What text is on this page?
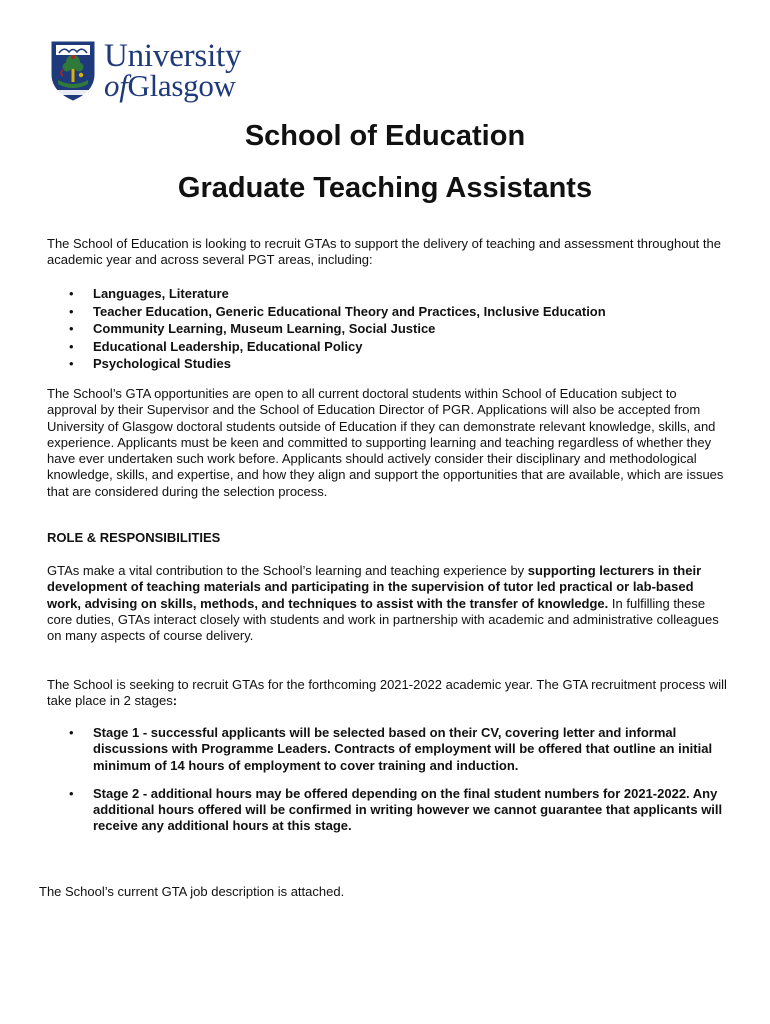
University
ofGlasgow
School of Education
Graduate Teaching Assistants

The School of Education is looking to recruit GTAs to support the delivery of teaching and assessment throughout the academic year and across several PGT areas, including:

• Languages, Literature
• Teacher Education, Generic Educational Theory and Practices, Inclusive Education
• Community Learning, Museum Learning, Social Justice
• Educational Leadership, Educational Policy
• Psychological Studies

The School’s GTA opportunities are open to all current doctoral students within School of Education subject to approval by their Supervisor and the School of Education Director of PGR. Applications will also be accepted from University of Glasgow doctoral students outside of Education if they can demonstrate relevant knowledge, skills, and experience. Applicants must be keen and committed to supporting learning and teaching regardless of whether they have ever undertaken such work before. Applicants should actively consider their disciplinary and methodological knowledge, skills, and expertise, and how they align and support the opportunities that are available, which are issues that are considered during the selection process.

ROLE & RESPONSIBILITIES

GTAs make a vital contribution to the School’s learning and teaching experience by supporting lecturers in their development of teaching materials and participating in the supervision of tutor led practical or lab-based work, advising on skills, methods, and techniques to assist with the transfer of knowledge. In fulfilling these core duties, GTAs interact closely with students and work in partnership with academic and administrative colleagues on many aspects of course delivery.

The School is seeking to recruit GTAs for the forthcoming 2021-2022 academic year. The GTA recruitment process will take place in 2 stages:

• Stage 1 - successful applicants will be selected based on their CV, covering letter and informal discussions with Programme Leaders. Contracts of employment will be offered that outline an initial minimum of 14 hours of employment to cover training and induction.
• Stage 2 - additional hours may be offered depending on the final student numbers for 2021-2022. Any additional hours offered will be confirmed in writing however we cannot guarantee that applicants will receive any additional hours at this stage.

The School’s current GTA job description is attached.
